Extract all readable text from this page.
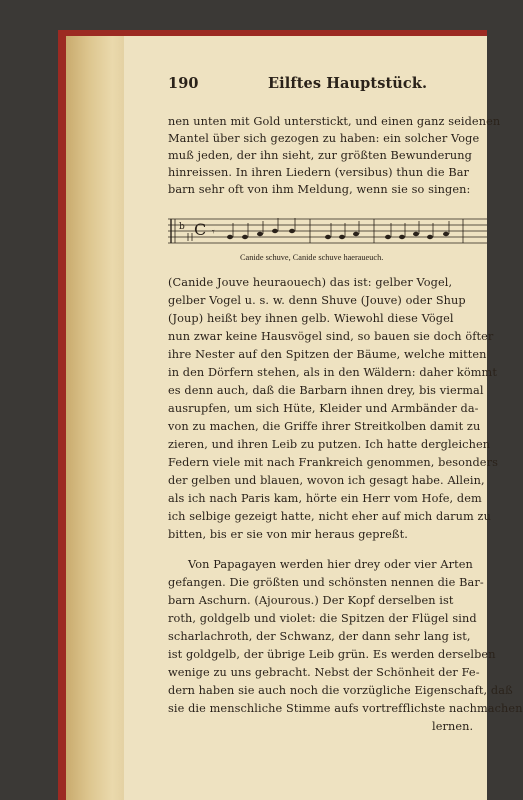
190	Eilftes Hauptstück.
nen unten mit Gold unterstickt, und einen ganz seidenen
Mantel über sich gezogen zu haben: ein solcher Voge
muß jeden, der ihn sieht, zur größten Bewunderung
hinreissen. In ihren Liedern (versibus) thun die Bar
barn sehr oft von ihm Meldung, wenn sie so singen:
b C 𝄾
Canide schuve, Canide schuve haeraueuch.
(Canide Jouve heuraouech) das ist: gelber Vogel,
gelber Vogel u. s. w. denn Shuve (Jouve) oder Shup
(Joup) heißt bey ihnen gelb. Wiewohl diese Vögel
nun zwar keine Hausvögel sind, so bauen sie doch öfter
ihre Nester auf den Spitzen der Bäume, welche mitten
in den Dörfern stehen, als in den Wäldern: daher kömmt
es denn auch, daß die Barbarn ihnen drey, bis viermal
ausrupfen, um sich Hüte, Kleider und Armbänder da-
von zu machen, die Griffe ihrer Streitkolben damit zu
zieren, und ihren Leib zu putzen. Ich hatte dergleichen
Federn viele mit nach Frankreich genommen, besonders
der gelben und blauen, wovon ich gesagt habe. Allein,
als ich nach Paris kam, hörte ein Herr vom Hofe, dem
ich selbige gezeigt hatte, nicht eher auf mich darum zu
bitten, bis er sie von mir heraus gepreßt.
Von Papagayen werden hier drey oder vier Arten
gefangen. Die größten und schönsten nennen die Bar-
barn Aschurn. (Ajourous.) Der Kopf derselben ist
roth, goldgelb und violet: die Spitzen der Flügel sind
scharlachroth, der Schwanz, der dann sehr lang ist,
ist goldgelb, der übrige Leib grün. Es werden derselben
wenige zu uns gebracht. Nebst der Schönheit der Fe-
dern haben sie auch noch die vorzügliche Eigenschaft, daß
sie die menschliche Stimme aufs vortrefflichste nachmachen
lernen.
